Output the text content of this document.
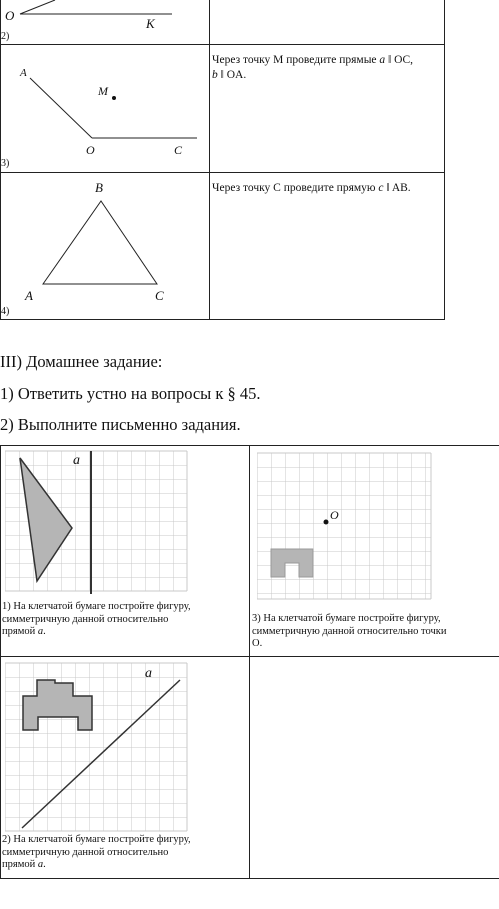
O
K
2)
A
M
O	C
3)
Через точку M проведите прямые a ǁ OC,
b ǁ OA.
B
A	C
4)
Через точку C проведите прямую c ǁ AB.
III) Домашнее задание:
1) Ответить устно на вопросы к § 45.
2) Выполните письменно задания.
a
1) На клетчатой бумаге постройте фигуру,
симметричную данной относительно
прямой a.
O
3) На клетчатой бумаге постройте фигуру,
симметричную данной относительно точки
O.
a
2) На клетчатой бумаге постройте фигуру,
симметричную данной относительно
прямой a.
